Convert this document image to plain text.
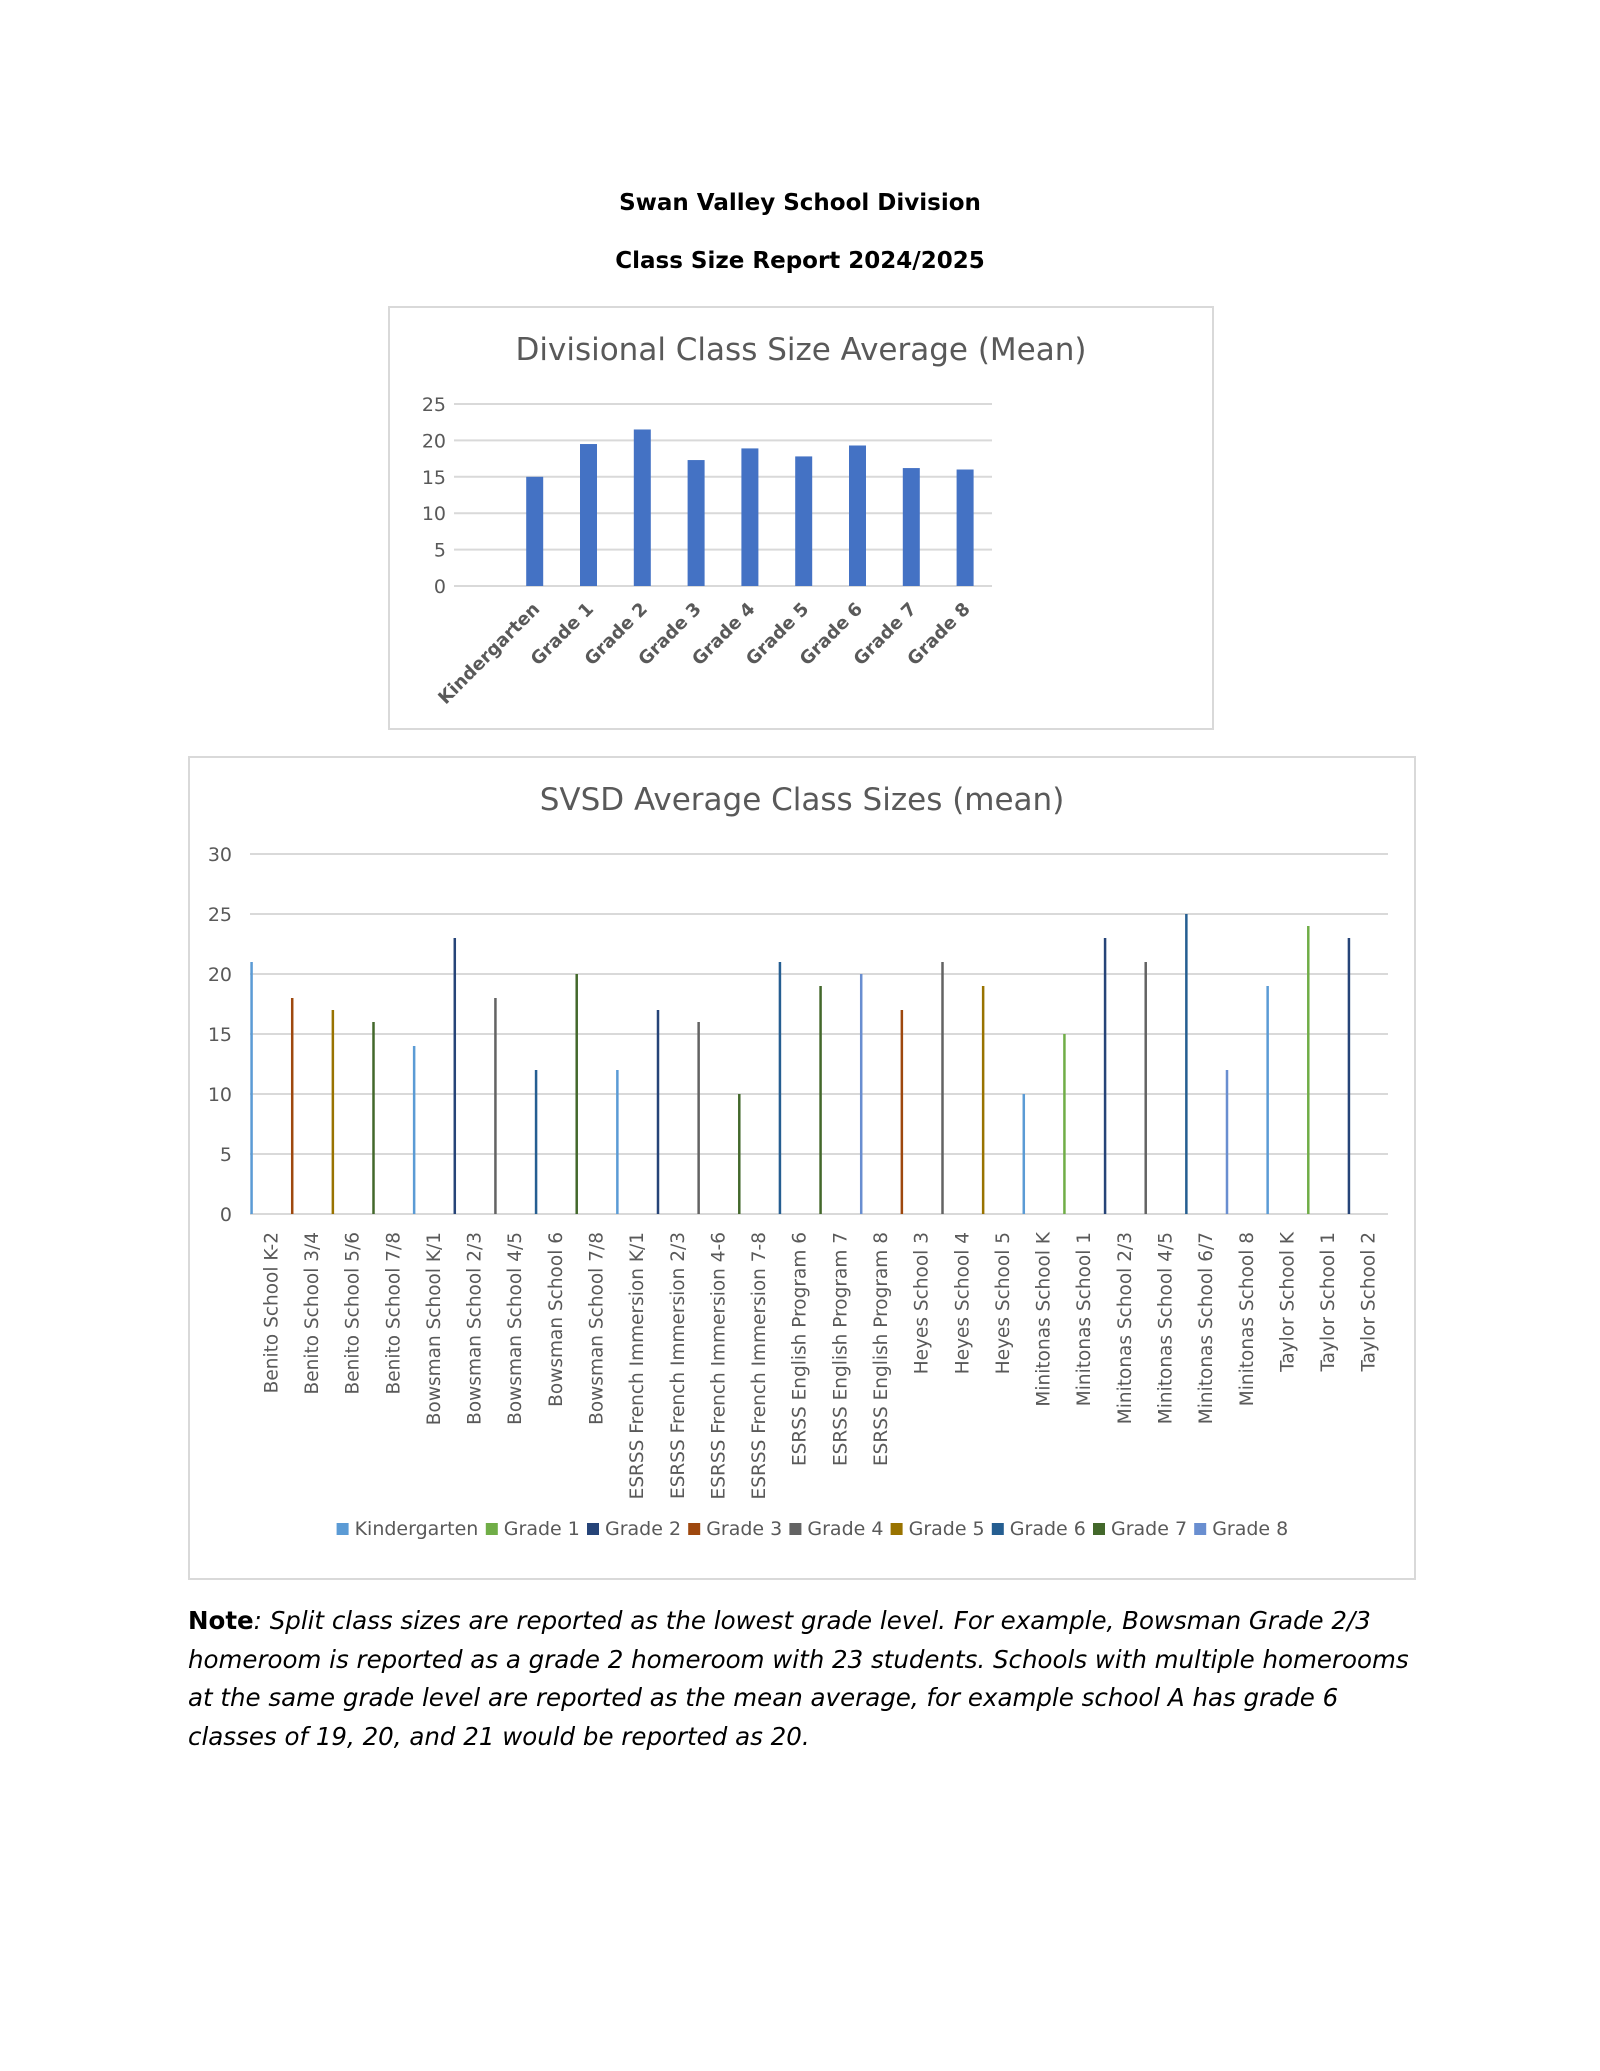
Swan Valley School Division
Class Size Report 2024/2025
Divisional Class Size Average (Mean)
0
5
10
15
20
25
Kindergarten
Grade 1
Grade 2
Grade 3
Grade 4
Grade 5
Grade 6
Grade 7
Grade 8
SVSD Average Class Sizes (mean)
0
5
10
15
20
25
30
Benito School K-2 Benito School 3/4 Benito School 5/6 Benito School 7/8 Bowsman School K/1 Bowsman School 2/3 Bowsman School 4/5 Bowsman School 6 Bowsman School 7/8 ESRSS French Immersion K/1 ESRSS French Immersion 2/3 ESRSS French Immersion 4-6 ESRSS French Immersion 7-8 ESRSS English Program 6 ESRSS English Program 7 ESRSS English Program 8 Heyes School 3 Heyes School 4 Heyes School 5 Minitonas School K Minitonas School 1 Minitonas School 2/3 Minitonas School 4/5 Minitonas School 6/7 Minitonas School 8 Taylor School K Taylor School 1 Taylor School 2
Kindergarten Grade 1 Grade 2 Grade 3 Grade 4 Grade 5 Grade 6 Grade 7 Grade 8
Note: Split class sizes are reported as the lowest grade level. For example, Bowsman Grade 2/3 homeroom is reported as a grade 2 homeroom with 23 students. Schools with multiple homerooms at the same grade level are reported as the mean average, for example school A has grade 6 classes of 19, 20, and 21 would be reported as 20.
